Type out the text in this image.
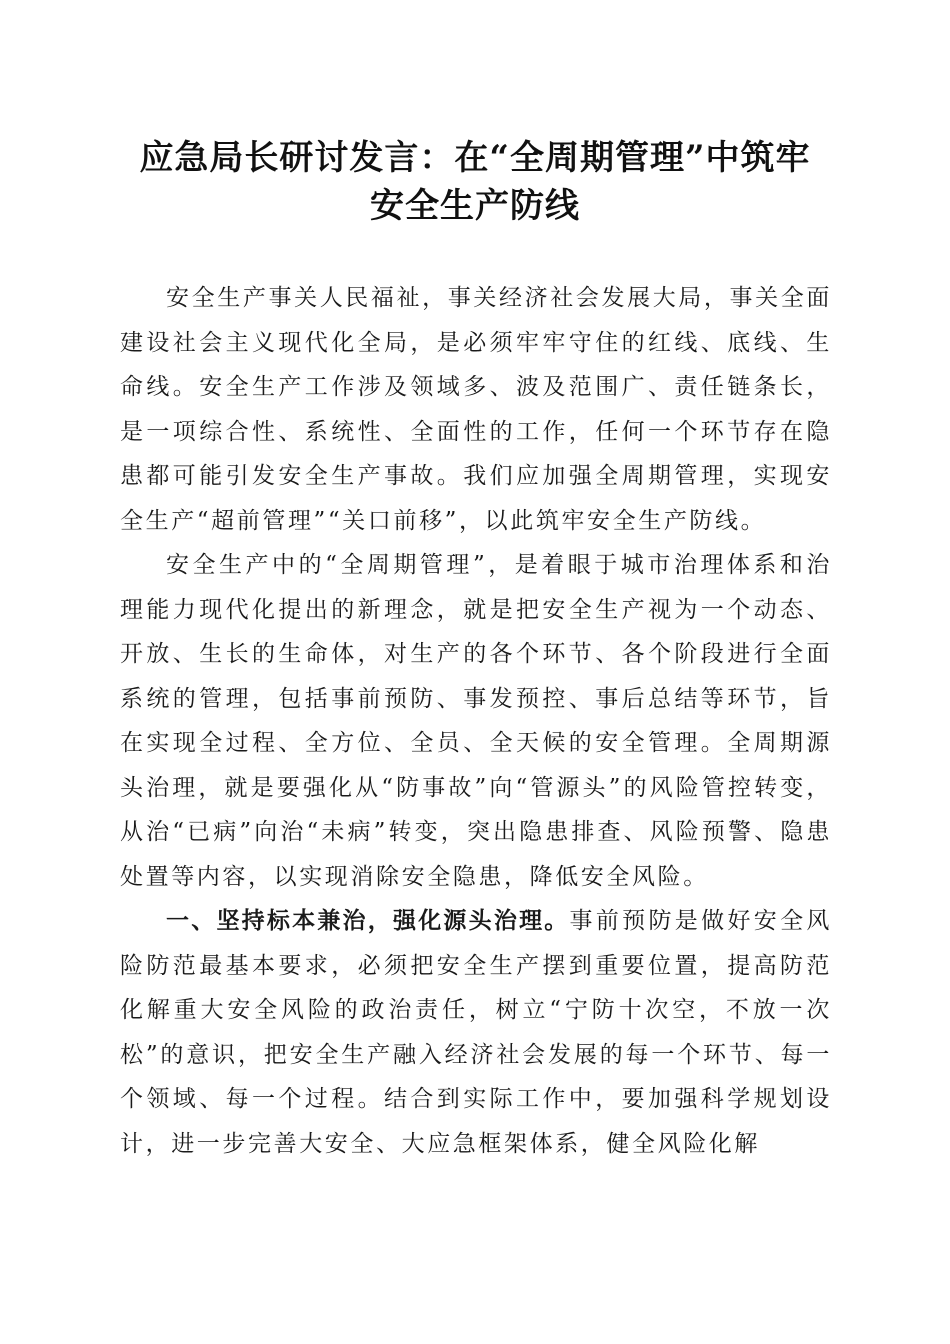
应急局长研讨发言：在“全周期管理”中筑牢
安全生产防线

安全生产事关人民福祉，事关经济社会发展大局，事关全面建设社会主义现代化全局，是必须牢牢守住的红线、底线、生命线。安全生产工作涉及领域多、波及范围广、责任链条长，是一项综合性、系统性、全面性的工作，任何一个环节存在隐患都可能引发安全生产事故。我们应加强全周期管理，实现安全生产“超前管理”“关口前移”，以此筑牢安全生产防线。

安全生产中的“全周期管理”，是着眼于城市治理体系和治理能力现代化提出的新理念，就是把安全生产视为一个动态、开放、生长的生命体，对生产的各个环节、各个阶段进行全面系统的管理，包括事前预防、事发预控、事后总结等环节，旨在实现全过程、全方位、全员、全天候的安全管理。全周期源头治理，就是要强化从“防事故”向“管源头”的风险管控转变，从治“已病”向治“未病”转变，突出隐患排查、风险预警、隐患处置等内容，以实现消除安全隐患，降低安全风险。

一、坚持标本兼治，强化源头治理。事前预防是做好安全风险防范最基本要求，必须把安全生产摆到重要位置，提高防范化解重大安全风险的政治责任，树立“宁防十次空，不放一次松”的意识，把安全生产融入经济社会发展的每一个环节、每一个领域、每一个过程。结合到实际工作中，要加强科学规划设计，进一步完善大安全、大应急框架体系，健全风险化解
